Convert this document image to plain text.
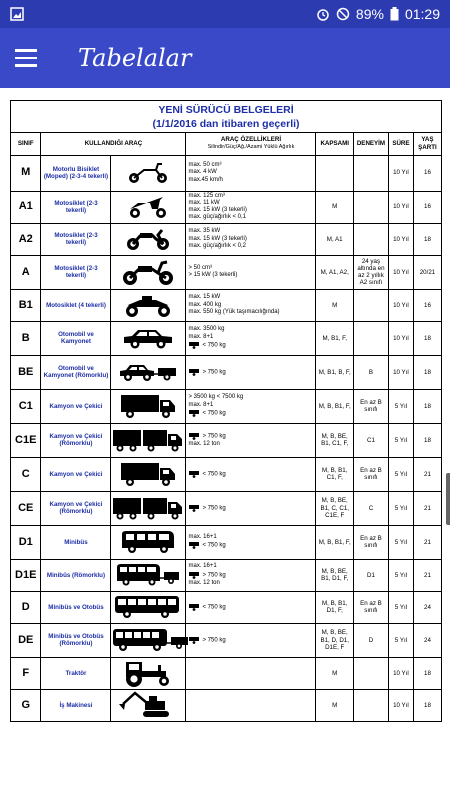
89% 01:29
Tabelalar
YENİ SÜRÜCÜ BELGELERİ
(1/1/2016 dan itibaren geçerli)
SINIF	KULLANDIĞI ARAÇ		ARAÇ ÖZELLİKLERİ
Silindir/Güç/Ağ./Azami Yüklü Ağırlık	KAPSAMI	DENEYİM	SÜRE	YAŞ ŞARTI
M	Motorlu Bisiklet (Moped) (2-3-4 tekerli)		max. 50 cm³
max. 4 kW
max.45 km/h			10 Yıl	16
A1	Motosiklet (2-3 tekerli)		max. 125 cm³
max. 11 kW
max. 15 kW (3 tekerli)
max. güç/ağırlık < 0,1	M		10 Yıl	16
A2	Motosiklet (2-3 tekerli)		max. 35 kW
max. 15 kW (3 tekerli)
max. güç/ağırlık < 0,2	M, A1		10 Yıl	18
A	Motosiklet (2-3 tekerli)		> 50 cm³
> 15 kW (3 tekerli)	M, A1, A2,	24 yaş altında en az 2 yıllık A2 sınıfı	10 Yıl	20/21
B1	Motosiklet (4 tekerli)		max. 15 kW
max. 400 kg
max. 550 kg (Yük taşımacılığında)	M		10 Yıl	16
B	Otomobil ve Kamyonet		max. 3500 kg
max. 8+1
< 750 kg	M, B1, F,		10 Yıl	18
BE	Otomobil ve Kamyonet (Römorklu)		> 750 kg	M, B1, B, F,	B	10 Yıl	18
C1	Kamyon ve Çekici		> 3500 kg < 7500 kg
max. 8+1
< 750 kg	M, B, B1, F,	En az B sınıfı	5 Yıl	18
C1E	Kamyon ve Çekici (Römorklu)		> 750 kg
max. 12 ton	M, B, BE, B1, C1, F,	C1	5 Yıl	18
C	Kamyon ve Çekici		< 750 kg	M, B, B1, C1, F,	En az B sınıfı	5 Yıl	21
CE	Kamyon ve Çekici (Römorklu)		> 750 kg	M, B, BE, B1, C, C1, C1E, F	C	5 Yıl	21
D1	Minibüs		max. 16+1
< 750 kg	M, B, B1, F,	En az B sınıfı	5 Yıl	21
D1E	Minibüs (Römorklu)		max. 16+1
> 750 kg
max. 12 ton	M, B, BE, B1, D1, F,	D1	5 Yıl	21
D	Minibüs ve Otobüs		< 750 kg	M, B, B1, D1, F,	En az B sınıfı	5 Yıl	24
DE	Minibüs ve Otobüs (Römorklu)		> 750 kg	M, B, BE, B1, D, D1, D1E, F	D	5 Yıl	24
F	Traktör			M		10 Yıl	18
G	İş Makinesi			M		10 Yıl	18
